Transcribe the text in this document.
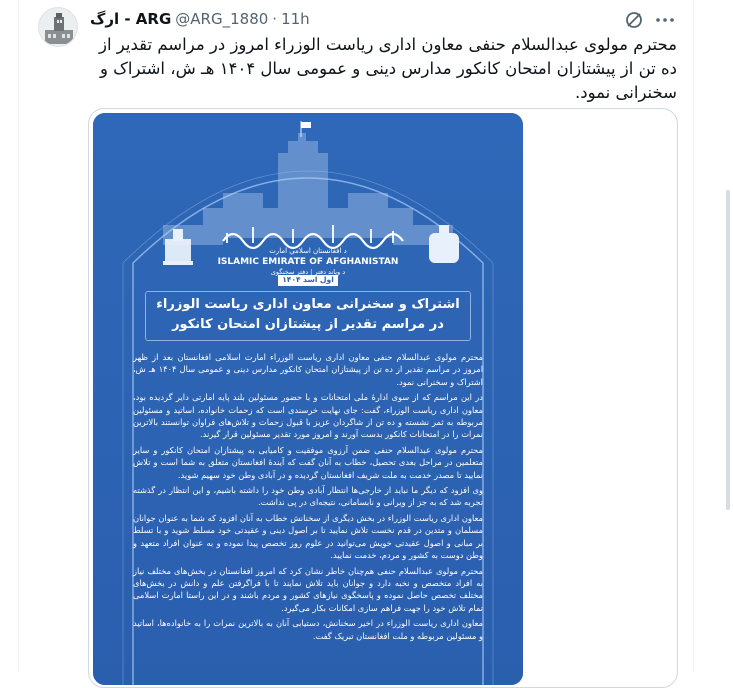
ارگ - ARG @ARG_1880 · 11h
محترم مولوی عبدالسلام حنفی معاون اداری ریاست الوزراء امروز در مراسم تقدیر از ده تن از پیشتازان امتحان کانکور مدارس دینی و عمومی سال ۱۴۰۴ هـ ش، اشتراک و سخنرانی نمود.
ISLAMIC EMIRATE OF AFGHANISTAN
د افغانستان اسلامي امارت
د ویاند دفتر | دفتر سخنگوی
اول اسد ۱۴۰۴
اشتراک و سخنرانی معاون اداری ریاست الوزراء در مراسم تقدیر از پیشتازان امتحان کانکور

محترم مولوی عبدالسلام حنفی معاون اداری ریاست الوزراء امارت اسلامی افغانستان بعد از ظهر امروز در مراسم تقدیر از ده تن از پیشتازان امتحان کانکور مدارس دینی و عمومی سال ۱۴۰۴ هـ ش، اشتراک و سخنرانی نمود.

در این مراسم که از سوی ادارهٔ ملی امتحانات و با حضور مسئولین بلند پایه امارتی دایر گردیده بود، معاون اداری ریاست الوزراء، گفت: جای نهایت خرسندی است که زحمات خانواده، اساتید و مسئولین مربوطه به ثمر نشسته و ده تن از شاگردان عزیز با قبول زحمات و تلاش‌های فراوان توانستند بالاترین نمرات را در امتحانات کانکور بدست آورند و امروز مورد تقدیر مسئولین قرار گیرند.

محترم مولوی عبدالسلام حنفی ضمن آرزوی موفقیت و کامیابی به پیشتازان امتحان کانکور و سایر متعلمین در مراحل بعدی تحصیل، خطاب به آنان گفت که آیندهٔ افغانستان متعلق به شما است و تلاش نمایید تا مصدر خدمت به ملت شریف افغانستان گردیده و در آبادی وطن خود سهیم شوید.

وی افزود که دیگر ما نباید از خارجی‌ها انتظار آبادی وطن خود را داشته باشیم، و این انتظار در گذشته تجربه شد که به جز از ویرانی و نابسامانی، نتیجه‌ای در پی نداشت.

معاون اداری ریاست الوزراء در بخش دیگری از سخنانش خطاب به آنان افزود که شما به عنوان جوانان مسلمان و متدین در قدم نخست تلاش نمایید تا بر اصول دینی و عقیدتی خود مسلط شوید و با تسلط بر مبانی و اصول عقیدتی خویش می‌توانید در علوم روز تخصص پیدا نموده و به عنوان افراد متعهد و وطن دوست به کشور و مردم، خدمت نمایید.

محترم مولوی عبدالسلام حنفی هم‌چنان خاطر نشان کرد که امروز افغانستان در بخش‌های مختلف نیاز به افراد متخصص و نخبه دارد و جوانان باید تلاش نمایند تا با فراگرفتن علم و دانش در بخش‌های مختلف تخصص حاصل نموده و پاسخگوی نیازهای کشور و مردم باشند و در این راستا امارت اسلامی تمام تلاش خود را جهت فراهم سازی امکانات بکار می‌گیرد.

معاون اداری ریاست الوزراء در اخیر سخنانش، دستیابی آنان به بالاترین نمرات را به خانواده‌ها، اساتید و مسئولین مربوطه و ملت افغانستان تبریک گفت.
